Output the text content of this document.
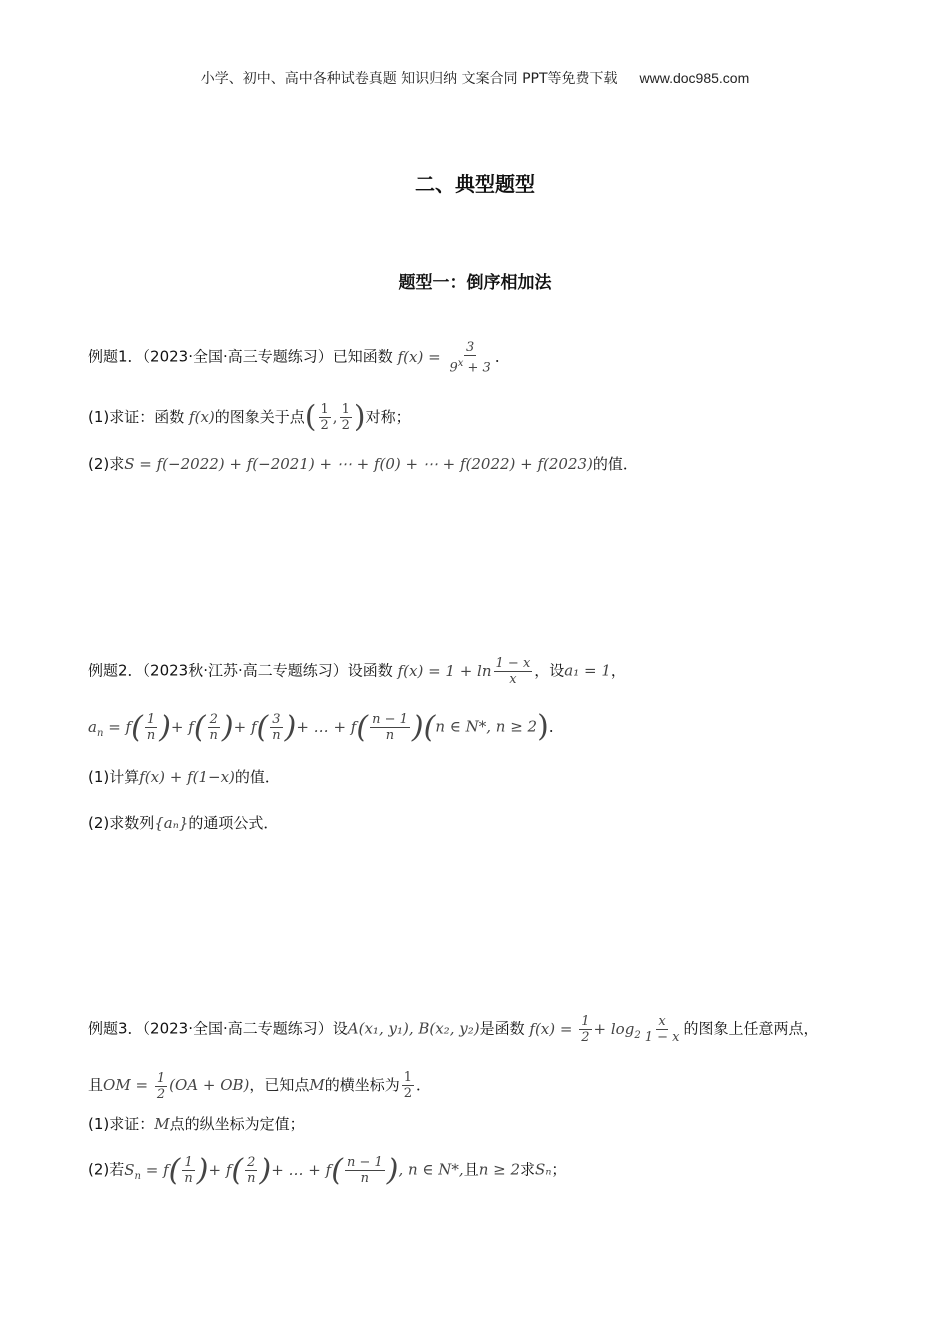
小学、初中、高中各种试卷真题 知识归纳 文案合同 PPT等免费下载 www.doc985.com
二、典型题型
题型一：倒序相加法
例题1．（2023·全国·高三专题练习）已知函数 $f(x) = \frac{3}{9^x + 3}$ ．
(1)求证：函数 f(x)的图象关于点( $\frac{1}{2}$ , $\frac{1}{2}$ )对称；
(2)求S = f(−2022) + f(−2021) + ⋯ + f(0) + ⋯ + f(2022) + f(2023)的值．
例题2．（2023秋·江苏·高二专题练习）设函数 $f(x) = 1 + \ln \frac{1 - x}{x}$ ，设a₁ = 1，
$a_n = f( \frac{1}{n}$ )+ $f( \frac{2}{n}$ )+ $f( \frac{3}{n}$ )+ … + $f( \frac{n - 1}{n} )(n$ ∈ N*, n ≥ 2)．
(1)计算f(x) + f(1−x)的值．
(2)求数列{aₙ}的通项公式．
例题3．（2023·全国·高二专题练习）设A(x₁, y₁), B(x₂, y₂)是函数 $f(x) = \frac{1}{2} + \log_2 \frac{x}{1 - x}$ 的图象上任意两点，
且OM = $\frac{1}{2} (OA + OB)$，已知点M的横坐标为 $\frac{1}{2}$ ．
(1)求证：M点的纵坐标为定值；
(2)若$S_n = f( \frac{1}{n}$ )+ $f( \frac{2}{n}$ )+ … + $f( \frac{n - 1}{n}$ ), n ∈ N*,且n ≥ 2求Sₙ；
